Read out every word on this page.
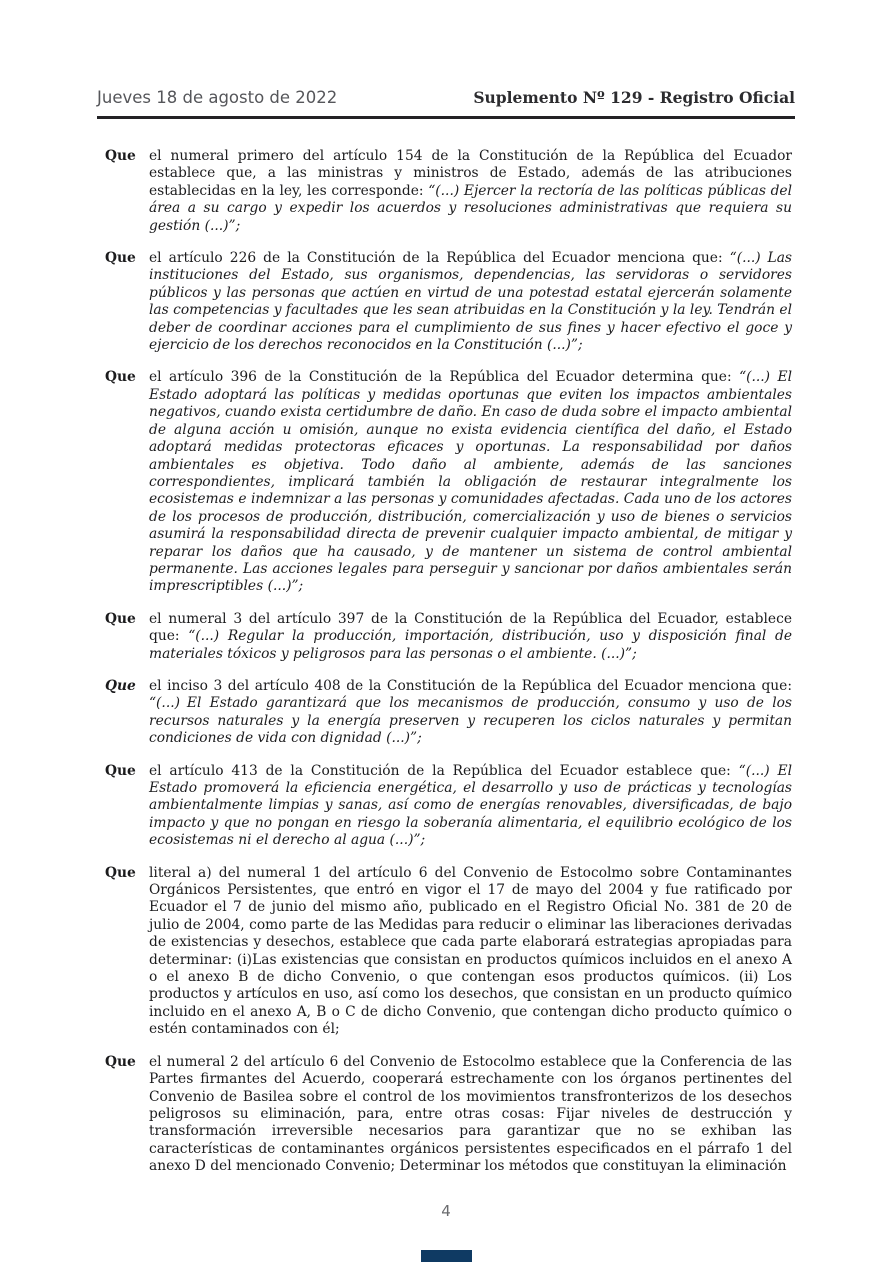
Jueves 18 de agosto de 2022	Suplemento Nº 129 - Registro Oficial
Que el numeral primero del artículo 154 de la Constitución de la República del Ecuador establece que, a las ministras y ministros de Estado, además de las atribuciones establecidas en la ley, les corresponde: “(...) Ejercer la rectoría de las políticas públicas del área a su cargo y expedir los acuerdos y resoluciones administrativas que requiera su gestión (...)”;

Que el artículo 226 de la Constitución de la República del Ecuador menciona que: “(...) Las instituciones del Estado, sus organismos, dependencias, las servidoras o servidores públicos y las personas que actúen en virtud de una potestad estatal ejercerán solamente las competencias y facultades que les sean atribuidas en la Constitución y la ley. Tendrán el deber de coordinar acciones para el cumplimiento de sus fines y hacer efectivo el goce y ejercicio de los derechos reconocidos en la Constitución (...)”;

Que el artículo 396 de la Constitución de la República del Ecuador determina que: “(...) El Estado adoptará las políticas y medidas oportunas que eviten los impactos ambientales negativos, cuando exista certidumbre de daño. En caso de duda sobre el impacto ambiental de alguna acción u omisión, aunque no exista evidencia científica del daño, el Estado adoptará medidas protectoras eficaces y oportunas. La responsabilidad por daños ambientales es objetiva. Todo daño al ambiente, además de las sanciones correspondientes, implicará también la obligación de restaurar integralmente los ecosistemas e indemnizar a las personas y comunidades afectadas. Cada uno de los actores de los procesos de producción, distribución, comercialización y uso de bienes o servicios asumirá la responsabilidad directa de prevenir cualquier impacto ambiental, de mitigar y reparar los daños que ha causado, y de mantener un sistema de control ambiental permanente. Las acciones legales para perseguir y sancionar por daños ambientales serán imprescriptibles (...)”;

Que el numeral 3 del artículo 397 de la Constitución de la República del Ecuador, establece que: “(...) Regular la producción, importación, distribución, uso y disposición final de materiales tóxicos y peligrosos para las personas o el ambiente. (...)”;

Que el inciso 3 del artículo 408 de la Constitución de la República del Ecuador menciona que: “(...) El Estado garantizará que los mecanismos de producción, consumo y uso de los recursos naturales y la energía preserven y recuperen los ciclos naturales y permitan condiciones de vida con dignidad (...)”;

Que el artículo 413 de la Constitución de la República del Ecuador establece que: “(...) El Estado promoverá la eficiencia energética, el desarrollo y uso de prácticas y tecnologías ambientalmente limpias y sanas, así como de energías renovables, diversificadas, de bajo impacto y que no pongan en riesgo la soberanía alimentaria, el equilibrio ecológico de los ecosistemas ni el derecho al agua (...)”;

Que literal a) del numeral 1 del artículo 6 del Convenio de Estocolmo sobre Contaminantes Orgánicos Persistentes, que entró en vigor el 17 de mayo del 2004 y fue ratificado por Ecuador el 7 de junio del mismo año, publicado en el Registro Oficial No. 381 de 20 de julio de 2004, como parte de las Medidas para reducir o eliminar las liberaciones derivadas de existencias y desechos, establece que cada parte elaborará estrategias apropiadas para determinar: (i)Las existencias que consistan en productos químicos incluidos en el anexo A o el anexo B de dicho Convenio, o que contengan esos productos químicos. (ii) Los productos y artículos en uso, así como los desechos, que consistan en un producto químico incluido en el anexo A, B o C de dicho Convenio, que contengan dicho producto químico o estén contaminados con él;

Que el numeral 2 del artículo 6 del Convenio de Estocolmo establece que la Conferencia de las Partes firmantes del Acuerdo, cooperará estrechamente con los órganos pertinentes del Convenio de Basilea sobre el control de los movimientos transfronterizos de los desechos peligrosos su eliminación, para, entre otras cosas: Fijar niveles de destrucción y transformación irreversible necesarios para garantizar que no se exhiban las características de contaminantes orgánicos persistentes especificados en el párrafo 1 del anexo D del mencionado Convenio; Determinar los métodos que constituyan la eliminación

4
